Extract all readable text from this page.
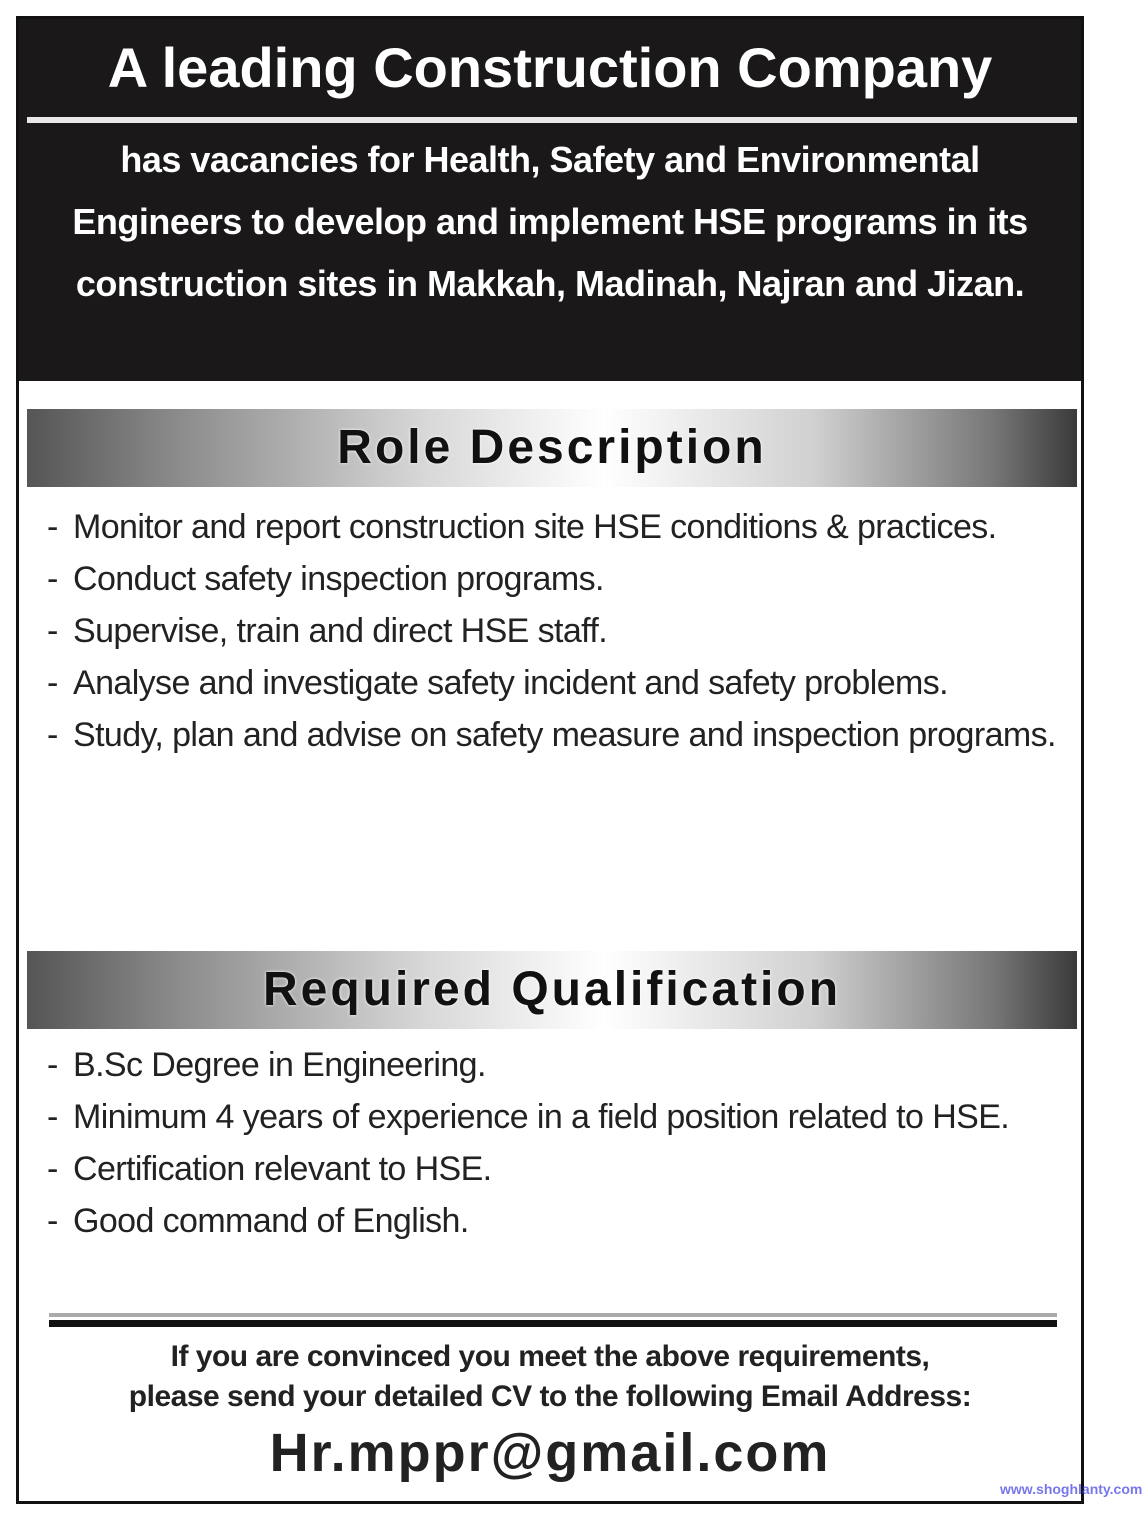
A leading Construction Company
has vacancies for Health, Safety and Environmental Engineers to develop and implement HSE programs in its construction sites in Makkah, Madinah, Najran and Jizan.
Role Description
- Monitor and report construction site HSE conditions & practices.
- Conduct safety inspection programs.
- Supervise, train and direct HSE staff.
- Analyse and investigate safety incident and safety problems.
- Study, plan and advise on safety measure and inspection programs.
Required Qualification
- B.Sc Degree in Engineering.
- Minimum 4 years of experience in a field position related to HSE.
- Certification relevant to HSE.
- Good command of English.
If you are convinced you meet the above requirements,
please send your detailed CV to the following Email Address:
Hr.mppr@gmail.com
www.shoghlanty.com
